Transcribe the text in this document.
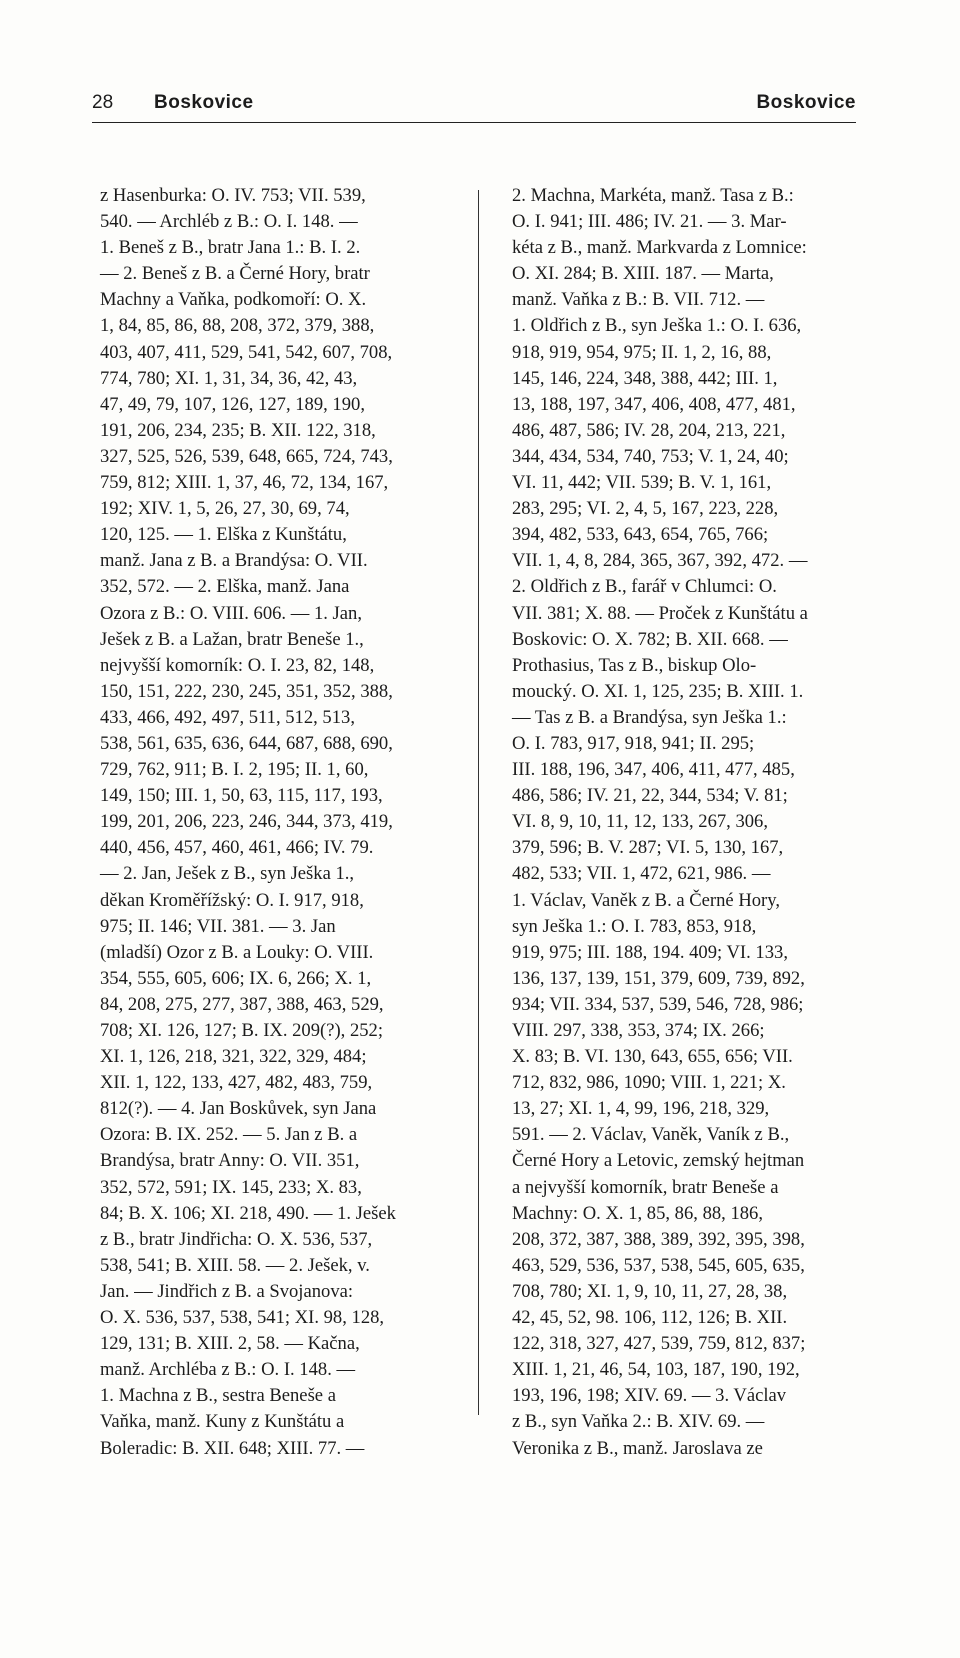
28 Boskovice	Boskovice
z Hasenburka: O. IV. 753; VII. 539,
540. — Archléb z B.: O. I. 148. —
1. Beneš z B., bratr Jana 1.: B. I. 2.
— 2. Beneš z B. a Černé Hory, bratr
Machny a Vaňka, podkomoří: O. X.
1, 84, 85, 86, 88, 208, 372, 379, 388,
403, 407, 411, 529, 541, 542, 607, 708,
774, 780; XI. 1, 31, 34, 36, 42, 43,
47, 49, 79, 107, 126, 127, 189, 190,
191, 206, 234, 235; B. XII. 122, 318,
327, 525, 526, 539, 648, 665, 724, 743,
759, 812; XIII. 1, 37, 46, 72, 134, 167,
192; XIV. 1, 5, 26, 27, 30, 69, 74,
120, 125. — 1. Elška z Kunštátu,
manž. Jana z B. a Brandýsa: O. VII.
352, 572. — 2. Elška, manž. Jana
Ozora z B.: O. VIII. 606. — 1. Jan,
Ješek z B. a Lažan, bratr Beneše 1.,
nejvyšší komorník: O. I. 23, 82, 148,
150, 151, 222, 230, 245, 351, 352, 388,
433, 466, 492, 497, 511, 512, 513,
538, 561, 635, 636, 644, 687, 688, 690,
729, 762, 911; B. I. 2, 195; II. 1, 60,
149, 150; III. 1, 50, 63, 115, 117, 193,
199, 201, 206, 223, 246, 344, 373, 419,
440, 456, 457, 460, 461, 466; IV. 79.
— 2. Jan, Ješek z B., syn Ješka 1.,
děkan Kroměřížský: O. I. 917, 918,
975; II. 146; VII. 381. — 3. Jan
(mladší) Ozor z B. a Louky: O. VIII.
354, 555, 605, 606; IX. 6, 266; X. 1,
84, 208, 275, 277, 387, 388, 463, 529,
708; XI. 126, 127; B. IX. 209(?), 252;
XI. 1, 126, 218, 321, 322, 329, 484;
XII. 1, 122, 133, 427, 482, 483, 759,
812(?). — 4. Jan Boskůvek, syn Jana
Ozora: B. IX. 252. — 5. Jan z B. a
Brandýsa, bratr Anny: O. VII. 351,
352, 572, 591; IX. 145, 233; X. 83,
84; B. X. 106; XI. 218, 490. — 1. Ješek
z B., bratr Jindřicha: O. X. 536, 537,
538, 541; B. XIII. 58. — 2. Ješek, v.
Jan. — Jindřich z B. a Svojanova:
O. X. 536, 537, 538, 541; XI. 98, 128,
129, 131; B. XIII. 2, 58. — Kačna,
manž. Archléba z B.: O. I. 148. —
1. Machna z B., sestra Beneše a
Vaňka, manž. Kuny z Kunštátu a
Boleradic: B. XII. 648; XIII. 77. —
2. Machna, Markéta, manž. Tasa z B.:
O. I. 941; III. 486; IV. 21. — 3. Mar-
kéta z B., manž. Markvarda z Lomnice:
O. XI. 284; B. XIII. 187. — Marta,
manž. Vaňka z B.: B. VII. 712. —
1. Oldřich z B., syn Ješka 1.: O. I. 636,
918, 919, 954, 975; II. 1, 2, 16, 88,
145, 146, 224, 348, 388, 442; III. 1,
13, 188, 197, 347, 406, 408, 477, 481,
486, 487, 586; IV. 28, 204, 213, 221,
344, 434, 534, 740, 753; V. 1, 24, 40;
VI. 11, 442; VII. 539; B. V. 1, 161,
283, 295; VI. 2, 4, 5, 167, 223, 228,
394, 482, 533, 643, 654, 765, 766;
VII. 1, 4, 8, 284, 365, 367, 392, 472. —
2. Oldřich z B., farář v Chlumci: O.
VII. 381; X. 88. — Proček z Kunštátu a
Boskovic: O. X. 782; B. XII. 668. —
Prothasius, Tas z B., biskup Olo-
moucký. O. XI. 1, 125, 235; B. XIII. 1.
— Tas z B. a Brandýsa, syn Ješka 1.:
O. I. 783, 917, 918, 941; II. 295;
III. 188, 196, 347, 406, 411, 477, 485,
486, 586; IV. 21, 22, 344, 534; V. 81;
VI. 8, 9, 10, 11, 12, 133, 267, 306,
379, 596; B. V. 287; VI. 5, 130, 167,
482, 533; VII. 1, 472, 621, 986. —
1. Václav, Vaněk z B. a Černé Hory,
syn Ješka 1.: O. I. 783, 853, 918,
919, 975; III. 188, 194. 409; VI. 133,
136, 137, 139, 151, 379, 609, 739, 892,
934; VII. 334, 537, 539, 546, 728, 986;
VIII. 297, 338, 353, 374; IX. 266;
X. 83; B. VI. 130, 643, 655, 656; VII.
712, 832, 986, 1090; VIII. 1, 221; X.
13, 27; XI. 1, 4, 99, 196, 218, 329,
591. — 2. Václav, Vaněk, Vaník z B.,
Černé Hory a Letovic, zemský hejtman
a nejvyšší komorník, bratr Beneše a
Machny: O. X. 1, 85, 86, 88, 186,
208, 372, 387, 388, 389, 392, 395, 398,
463, 529, 536, 537, 538, 545, 605, 635,
708, 780; XI. 1, 9, 10, 11, 27, 28, 38,
42, 45, 52, 98. 106, 112, 126; B. XII.
122, 318, 327, 427, 539, 759, 812, 837;
XIII. 1, 21, 46, 54, 103, 187, 190, 192,
193, 196, 198; XIV. 69. — 3. Václav
z B., syn Vaňka 2.: B. XIV. 69. —
Veronika z B., manž. Jaroslava ze
